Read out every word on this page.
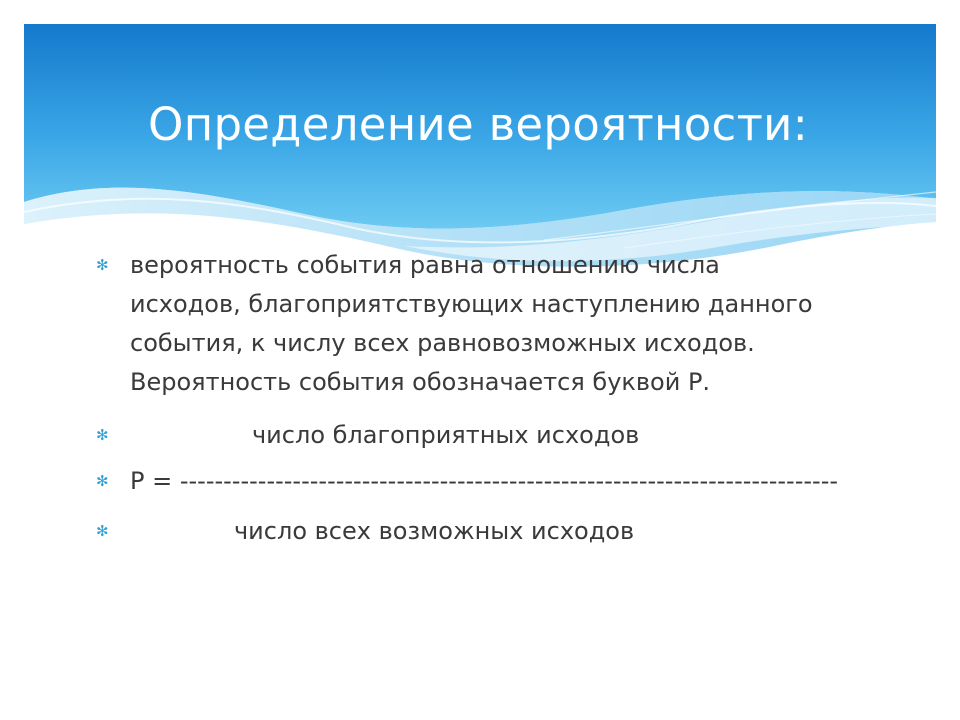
Определение вероятности:
✻ вероятность события равна отношению числа исходов, благоприятствующих наступлению данного события, к числу всех равновозможных исходов. Вероятность события обозначается буквой Р.
✻	число благоприятных исходов
✻ Р = ----------------------------------------------------------------------------
✻	число всех возможных исходов
